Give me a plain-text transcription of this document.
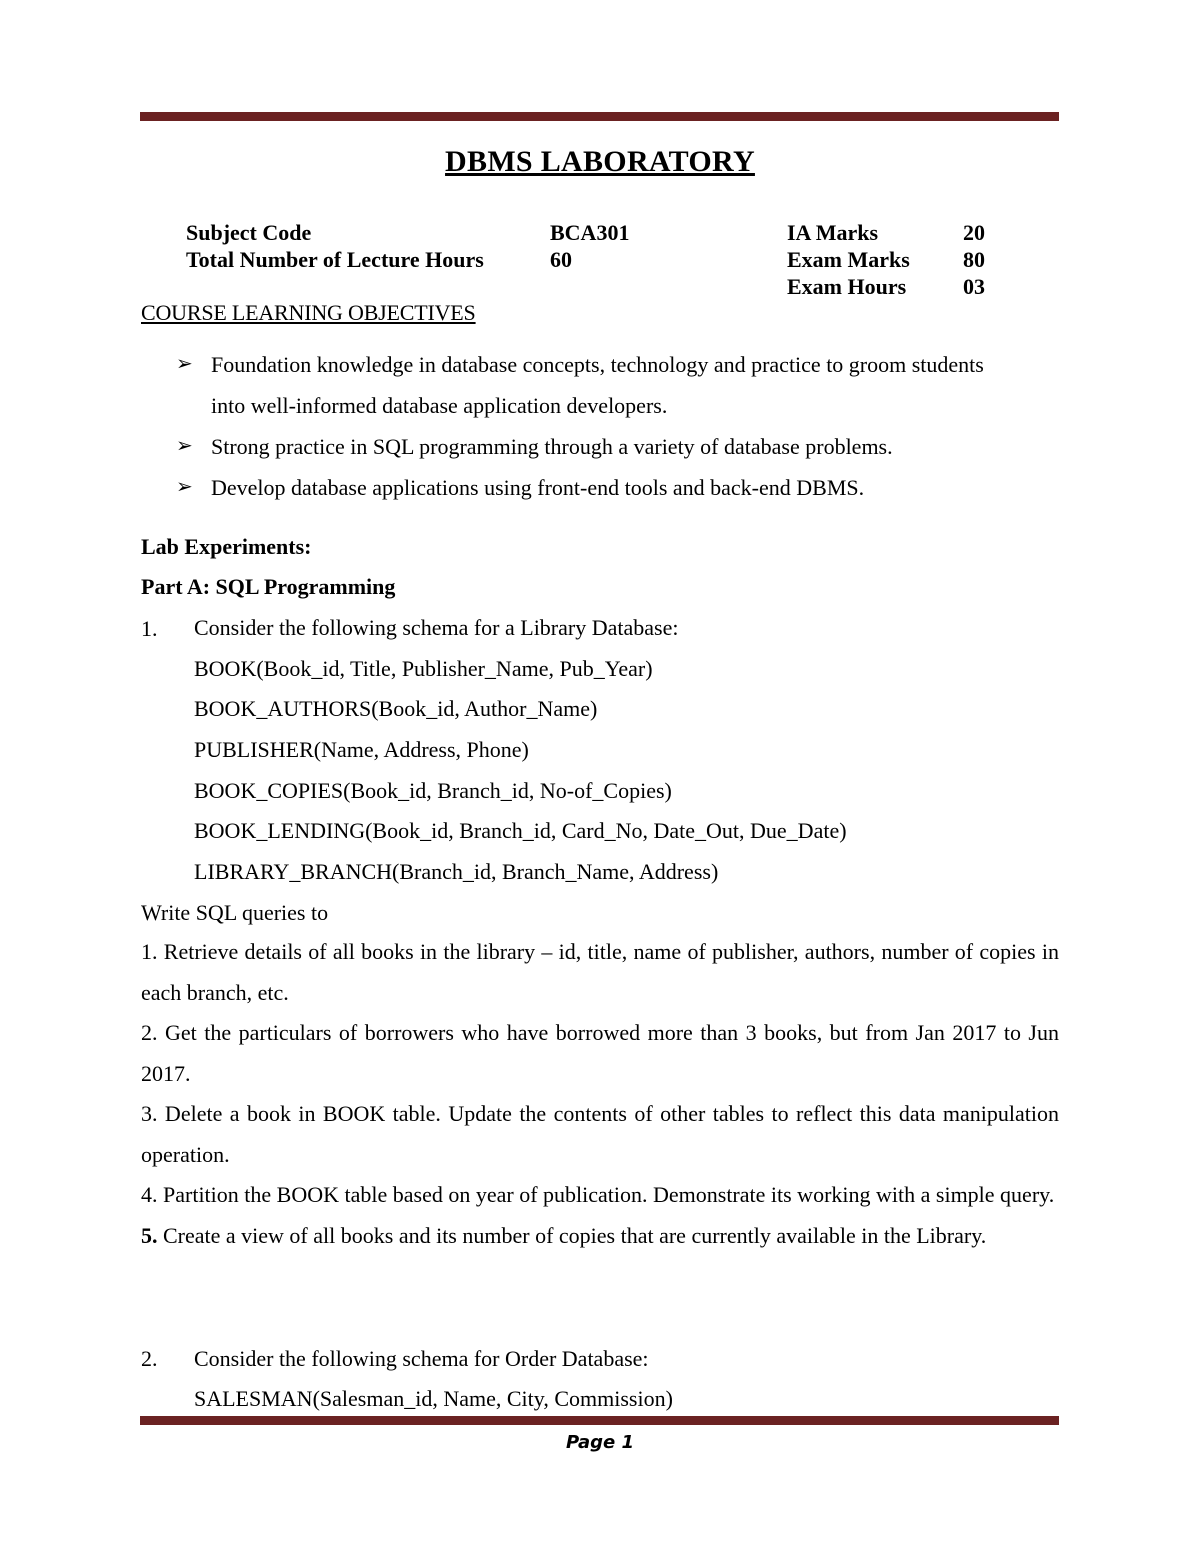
DBMS LABORATORY
Subject Code
Total Number of Lecture Hours
BCA301
60
IA Marks
Exam Marks
Exam Hours
20
80
03
COURSE LEARNING OBJECTIVES
➢ Foundation knowledge in database concepts, technology and practice to groom students
into well-informed database application developers.
➢ Strong practice in SQL programming through a variety of database problems.
➢ Develop database applications using front-end tools and back-end DBMS.
Lab Experiments:
Part A: SQL Programming
1. Consider the following schema for a Library Database:
BOOK(Book_id, Title, Publisher_Name, Pub_Year)
BOOK_AUTHORS(Book_id, Author_Name)
PUBLISHER(Name, Address, Phone)
BOOK_COPIES(Book_id, Branch_id, No-of_Copies)
BOOK_LENDING(Book_id, Branch_id, Card_No, Date_Out, Due_Date)
LIBRARY_BRANCH(Branch_id, Branch_Name, Address)
Write SQL queries to
1. Retrieve details of all books in the library – id, title, name of publisher, authors, number of copies in each branch, etc.
2. Get the particulars of borrowers who have borrowed more than 3 books, but from Jan 2017 to Jun 2017.
3. Delete a book in BOOK table. Update the contents of other tables to reflect this data manipulation operation.
4. Partition the BOOK table based on year of publication. Demonstrate its working with a simple query.
5. Create a view of all books and its number of copies that are currently available in the Library.
2. Consider the following schema for Order Database:
SALESMAN(Salesman_id, Name, City, Commission)
Page 1
